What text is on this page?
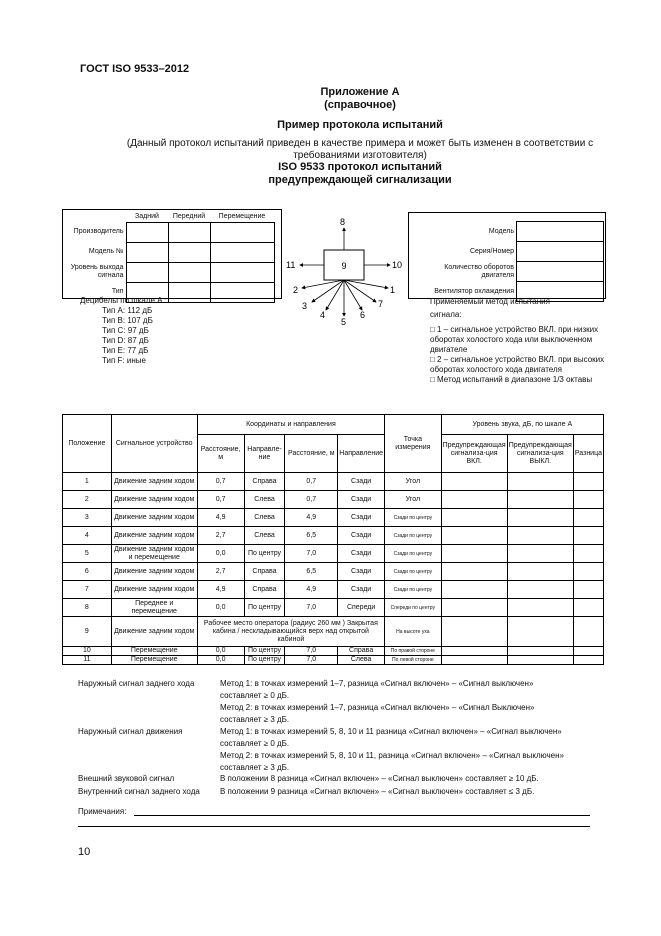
ГОСТ ISO 9533–2012
Приложение А
(справочное)
Пример протокола испытаний
(Данный протокол испытаний приведен в качестве примера и может быть изменен в соответствии с
требованиями изготовителя)
ISO 9533 протокол испытаний
предупреждающей сигнализации
	Задний	Передний	Перемещение
Производитель			
Модель №			
Уровень выхода сигнала			
Тип			
9
8
11	10
2	1
3	7
4	6
5
Модель	
Серия/Номер	
Количество оборотов двигателя	
Вентилятор охлаждения	
Децибелы по шкале А :
Тип А: 112 дБ
Тип В: 107 дБ
Тип С: 97 дБ
Тип D: 87 дБ
Тип Е: 77 дБ
Тип F: иные
Применяемый метод испытания
сигнала:
□ 1 – сигнальное устройство ВКЛ. при низких оборотах холостого хода или выключенном двигателе
□ 2 – сигнальное устройство ВКЛ. при высоких оборотах холостого хода двигателя
□ Метод испытаний в диапазоне 1/3 октавы
Положение	Сигнальное устройство	Координаты и направления				Точка измерения	Уровень звука, дБ, по шкале А		
		Расстояние, м	Направле-ние	Расстояние, м	Направление		Предупреждающая сигнализа-ция ВКЛ.	Предупреждающая сигнализа-ция ВЫКЛ.	Разница
1	Движение задним ходом	0,7	Справа	0,7	Сзади	Угол			
2	Движение задним ходом	0,7	Слева	0,7	Сзади	Угол			
3	Движение задним ходом	4,9	Слева	4,9	Сзади	Сзади по центру			
4	Движение задним ходом	2,7	Слева	6,5	Сзади	Сзади по центру			
5	Движение задним ходом и перемещение	0,0	По центру	7,0	Сзади	Сзади по центру			
6	Движение задним ходом	2,7	Справа	6,5	Сзади	Сзади по центру			
7	Движение задним ходом	4,9	Справа	4,9	Сзади	Сзади по центру			
8	Переднее и перемещение	0,0	По центру	7,0	Спереди	Спереди по центру			
9	Движение задним ходом	Рабочее место оператора (радиус 260 мм ) Закрытая кабина / нескладывающийся верх над открытой кабиной				На высоте уха			
10	Перемещение	0,0	По центру	7,0	Справа	По правой стороне			
11	Перемещение	0,0	По центру	7,0	Слева	По левой стороне			
Наружный сигнал заднего хода	Метод 1: в точках измерений 1–7, разница «Сигнал включен» – «Сигнал выключен»
составляет ≥ 0 дБ.
Метод 2: в точках измерений 1–7, разница «Сигнал включен» – «Сигнал Выключен»
составляет ≥ 3 дБ.
Наружный сигнал движения	Метод 1: в точках измерений 5, 8, 10 и 11 разница «Сигнал включен» – «Сигнал выключен»
составляет ≥ 0 дБ.
Метод 2: в точках измерений 5, 8, 10 и 11, разница «Сигнал включен» – «Сигнал выключен»
составляет ≥ 3 дБ.
Внешний звуковой сигнал	В положении 8 разница «Сигнал включен» – «Сигнал выключен» составляет ≥ 10 дБ.
Внутренний сигнал заднего хода	В положении 9 разница «Сигнал включен» – «Сигнал выключен» составляет ≤ 3 дБ.
Примечания:
10
